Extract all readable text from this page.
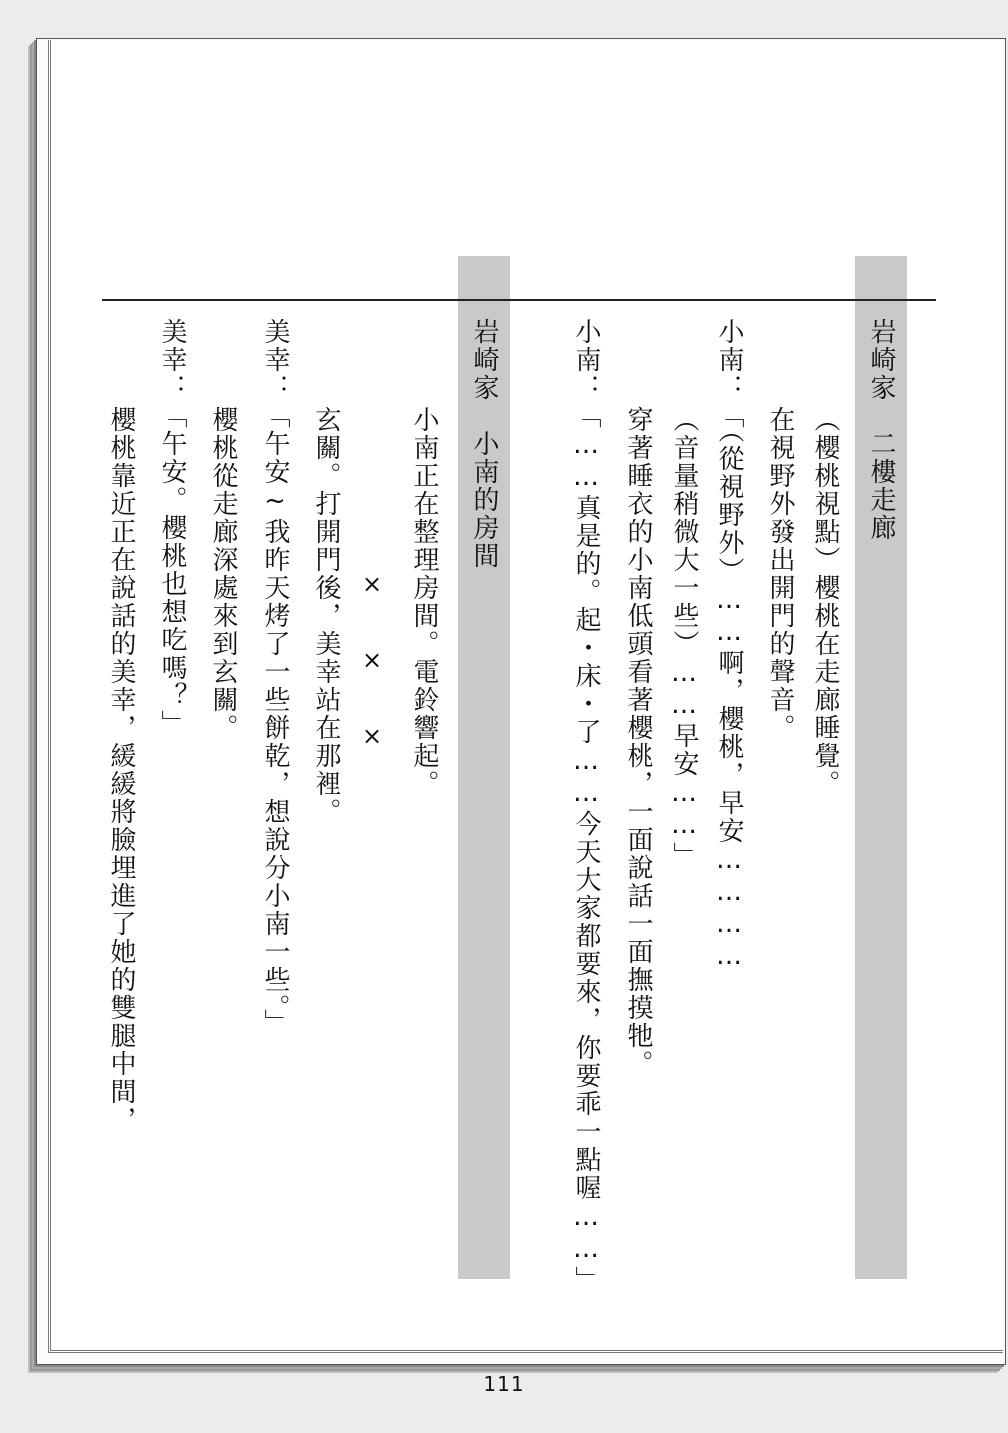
岩崎家　二樓走廊
（櫻桃視點）櫻桃在走廊睡覺。
在視野外發出開門的聲音。
小南：「（從視野外）……啊，櫻桃，早安…………
（音量稍微大一些）……早安……」
穿著睡衣的小南低頭看著櫻桃，一面說話一面撫摸牠。
小南：「……真是的。起・床・了……今天大家都要來，你要乖一點喔……」
岩崎家　小南的房間
小南正在整理房間。電鈴響起。
×　　×　　×
玄關。打開門後，美幸站在那裡。
美幸：「午安~我昨天烤了一些餅乾，想說分小南一些。」
櫻桃從走廊深處來到玄關。
美幸：「午安。櫻桃也想吃嗎？」
櫻桃靠近正在說話的美幸，緩緩將臉埋進了她的雙腿中間，
111
